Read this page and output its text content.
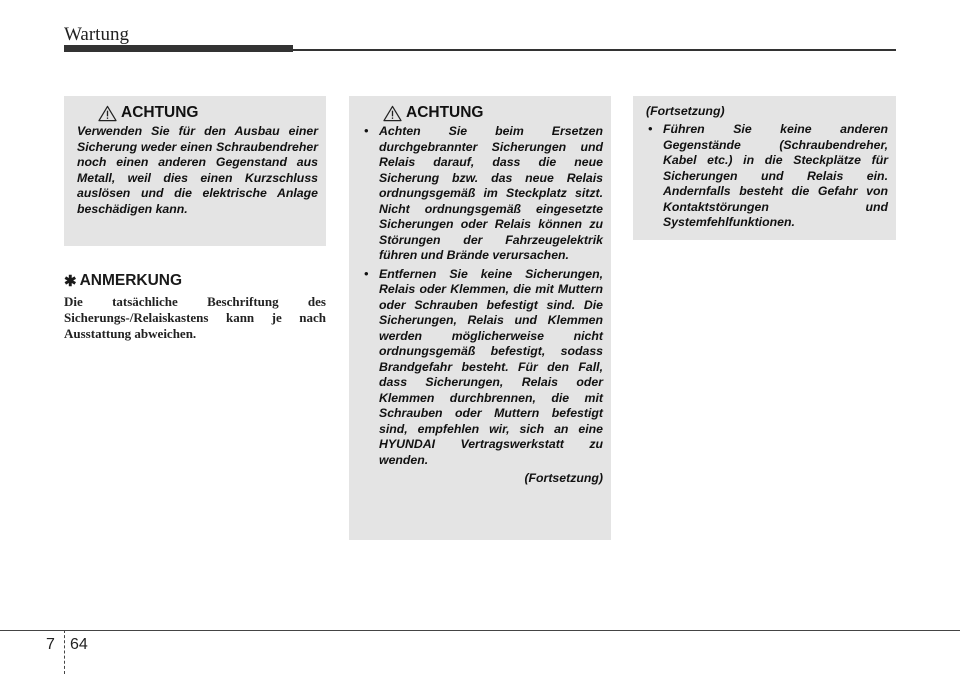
Wartung
ACHTUNG

Verwenden Sie für den Ausbau einer Sicherung weder einen Schraubendreher noch einen anderen Gegenstand aus Metall, weil dies einen Kurzschluss auslösen und die elektrische Anlage beschädigen kann.

✱ ANMERKUNG

Die tatsächliche Beschriftung des Sicherungs-/Relaiskastens kann je nach Ausstattung abweichen.

ACHTUNG
• Achten Sie beim Ersetzen durchgebrannter Sicherungen und Relais darauf, dass die neue Sicherung bzw. das neue Relais ordnungsgemäß im Steckplatz sitzt. Nicht ordnungsgemäß eingesetzte Sicherungen oder Relais können zu Störungen der Fahrzeugelektrik führen und Brände verursachen.
• Entfernen Sie keine Sicherungen, Relais oder Klemmen, die mit Muttern oder Schrauben befestigt sind. Die Sicherungen, Relais und Klemmen werden möglicherweise nicht ordnungsgemäß befestigt, sodass Brandgefahr besteht. Für den Fall, dass Sicherungen, Relais oder Klemmen durchbrennen, die mit Schrauben oder Muttern befestigt sind, empfehlen wir, sich an eine HYUNDAI Vertragswerkstatt zu wenden.
(Fortsetzung)

(Fortsetzung)

• Führen Sie keine anderen Gegenstände (Schraubendreher, Kabel etc.) in die Steckplätze für Sicherungen und Relais ein. Andernfalls besteht die Gefahr von Kontaktstörungen und Systemfehlfunktionen.
7 64
